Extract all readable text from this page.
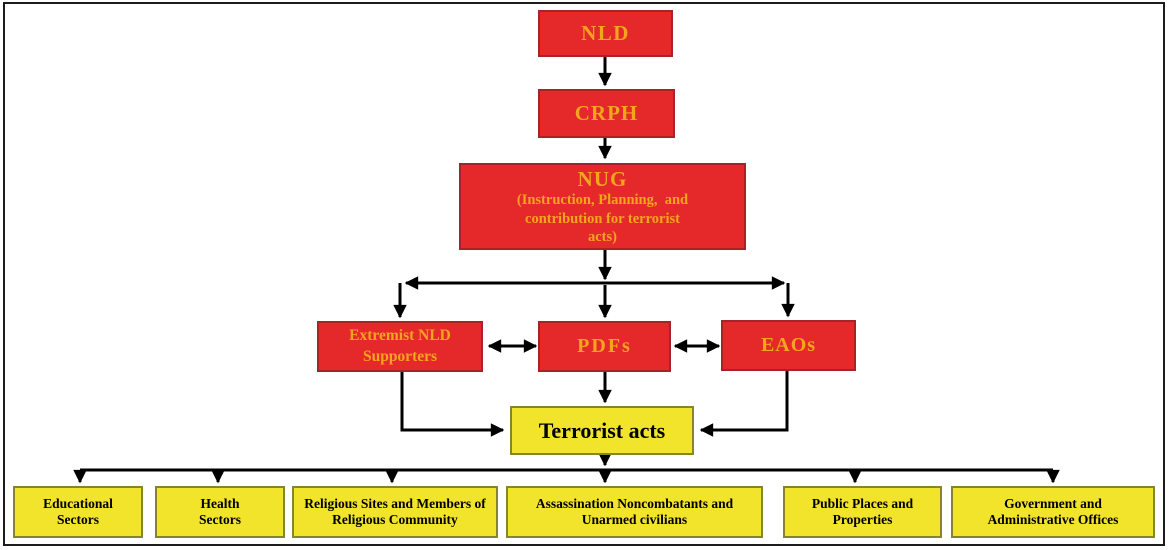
NLD
CRPH
NUG
(Instruction, Planning,  and
contribution for terrorist
acts)
Extremist NLD Supporters	PDFs	EAOs
Terrorist acts
Educational Sectors
Health Sectors
Religious Sites and Members of Religious Community
Assassination Noncombatants and Unarmed civilians
Public Places and Properties
Government and Administrative Offices
